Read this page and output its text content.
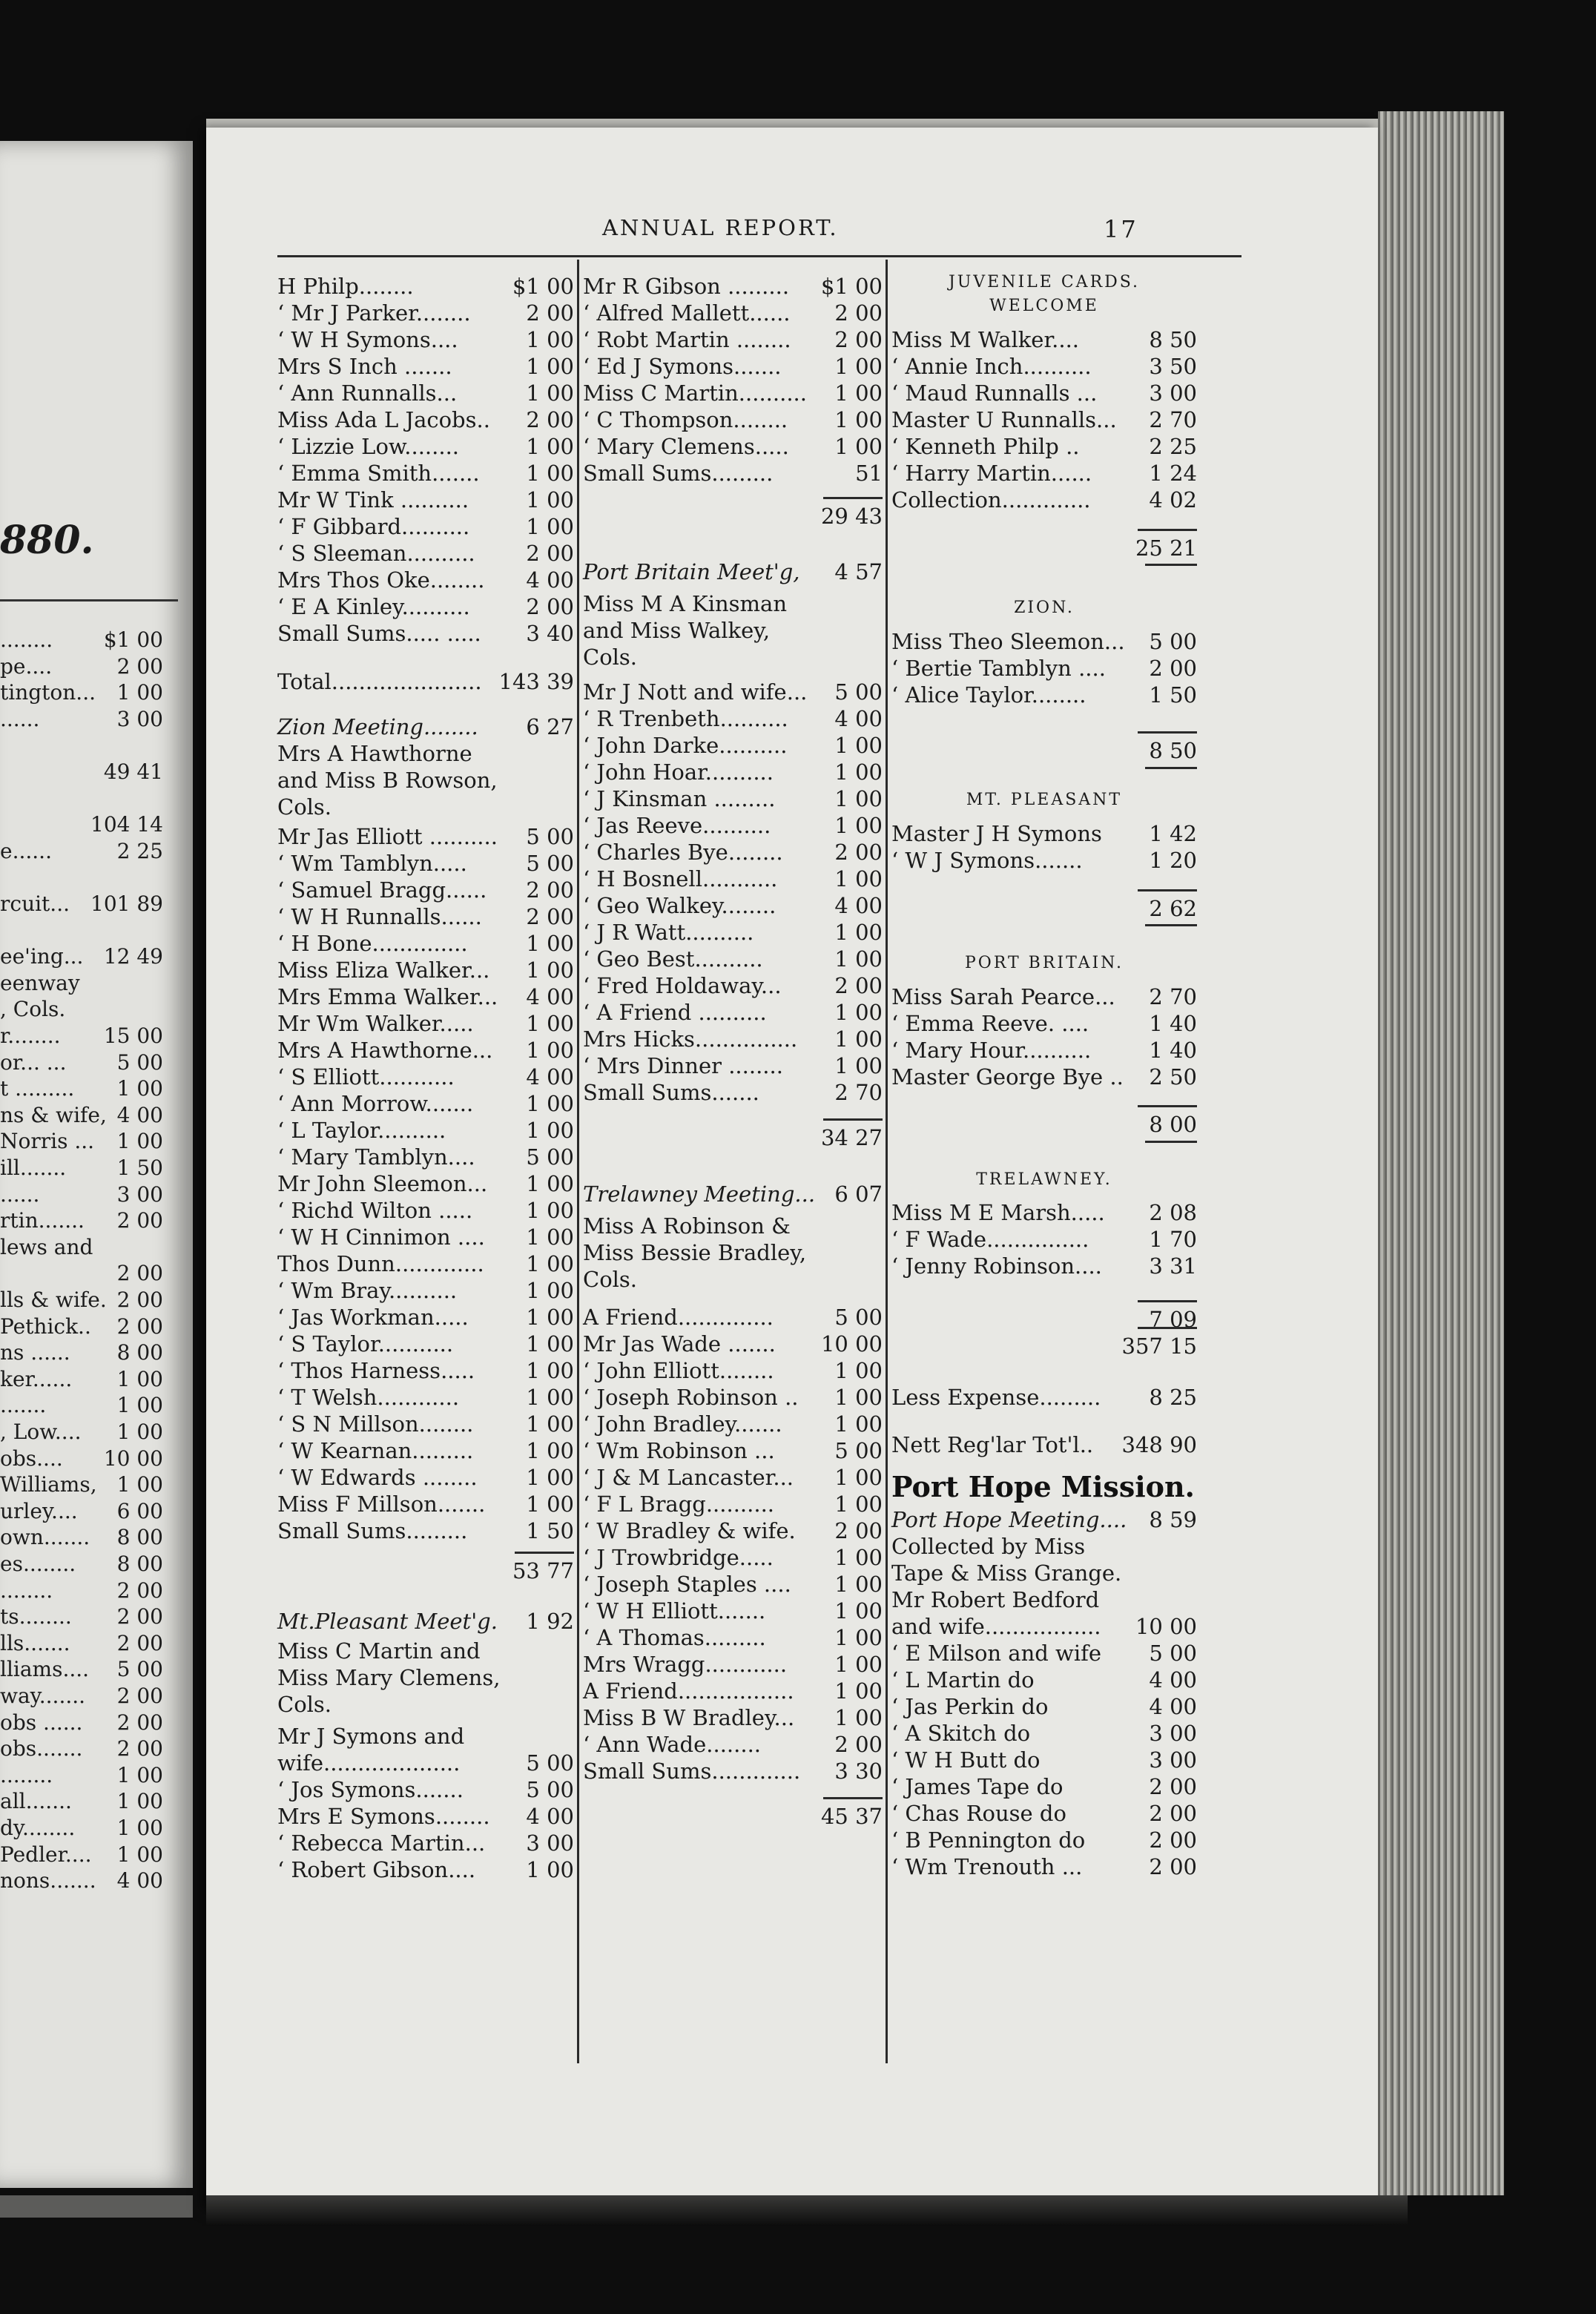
880.
........ $1 00
pe....	2 00
tington... 1 00
......	3 00
49 41
104 14
e......	2 25
rcuit... 101 89
ee'ing... 12 49
eenway
, Cols.
r........ 15 00
or... ... 5 00
t ......... 1 00
ns & wife, 4 00
Norris ... 1 00
ill....... 1 50
......	3 00
rtin....... 2 00
lews and
2 00
lls & wife. 2 00
Pethick.. 2 00
ns ...... 8 00
ker...... 1 00
.......	1 00
, Low.... 1 00
obs.... 10 00
Williams, 1 00
urley.... 6 00
own....... 8 00
es........ 8 00
........	2 00
ts........ 2 00
lls....... 2 00
lliams.... 5 00
way....... 2 00
obs ...... 2 00
obs....... 2 00
........	1 00
all....... 1 00
dy........ 1 00
Pedler.... 1 00
nons....... 4 00
ANNUAL REPORT.	17
H Philp........	$1 00
‘ Mr J Parker........	2 00
‘ W H Symons....	1 00
Mrs S Inch .......	1 00
‘ Ann Runnalls...	1 00
Miss Ada L Jacobs.. 2 00
‘ Lizzie Low........	1 00
‘ Emma Smith....... 1 00
Mr W Tink ..........	1 00
‘ F Gibbard..........	1 00
‘ S Sleeman.......... 2 00
Mrs Thos Oke........ 4 00
‘ E A Kinley..........	2 00
Small Sums..... ..... 3 40
Total...................... 143 39
Zion Meeting........ 6 27
Mrs A Hawthorne
and Miss B Rowson,
Cols.
Mr Jas Elliott .......... 5 00
‘ Wm Tamblyn.....	5 00
‘ Samuel Bragg...... 2 00
‘ W H Runnalls...... 2 00
‘ H Bone..............	1 00
Miss Eliza Walker... 1 00
Mrs Emma Walker... 4 00
Mr Wm Walker..... 1 00
Mrs A Hawthorne... 1 00
‘ S Elliott...........	4 00
‘ Ann Morrow....... 1 00
‘ L Taylor..........	1 00
‘ Mary Tamblyn.... 5 00
Mr John Sleemon... 1 00
‘ Richd Wilton ..... 1 00
‘ W H Cinnimon .... 1 00
Thos Dunn............. 1 00
‘ Wm Bray..........	1 00
‘ Jas Workman.....	1 00
‘ S Taylor...........	1 00
‘ Thos Harness..... 1 00
‘ T Welsh............	1 00
‘ S N Millson........ 1 00
‘ W Kearnan......... 1 00
‘ W Edwards ........ 1 00
Miss F Millson....... 1 00
Small Sums.........	1 50
53 77
Mt.Pleasant Meet'g. 1 92
Miss C Martin and
Miss Mary Clemens,
Cols.
Mr J Symons and
wife....................	5 00
‘ Jos Symons.......	5 00
Mrs E Symons........ 4 00
‘ Rebecca Martin... 3 00
‘ Robert Gibson.... 1 00
Mr R Gibson ......... $1 00
‘ Alfred Mallett...... 2 00
‘ Robt Martin ........ 2 00
‘ Ed J Symons....... 1 00
Miss C Martin.......... 1 00
‘ C Thompson........ 1 00
‘ Mary Clemens..... 1 00
Small Sums.........	51
29 43
Port Britain Meet'g, 4 57
Miss M A Kinsman
and Miss Walkey,
Cols.
Mr J Nott and wife... 5 00
‘ R Trenbeth.......... 4 00
‘ John Darke.......... 1 00
‘ John Hoar..........	1 00
‘ J Kinsman .........	1 00
‘ Jas Reeve..........	1 00
‘ Charles Bye........ 2 00
‘ H Bosnell...........	1 00
‘ Geo Walkey........	4 00
‘ J R Watt..........	1 00
‘ Geo Best..........	1 00
‘ Fred Holdaway... 2 00
‘ A Friend ..........	1 00
Mrs Hicks............... 1 00
‘ Mrs Dinner ........ 1 00
Small Sums.......	2 70
34 27
Trelawney Meeting... 6 07
Miss A Robinson &
Miss Bessie Bradley,
Cols.
A Friend..............	5 00
Mr Jas Wade ....... 10 00
‘ John Elliott........	1 00
‘ Joseph Robinson .. 1 00
‘ John Bradley....... 1 00
‘ Wm Robinson ...	5 00
‘ J & M Lancaster... 1 00
‘ F L Bragg..........	1 00
‘ W Bradley & wife. 2 00
‘ J Trowbridge.....	1 00
‘ Joseph Staples .... 1 00
‘ W H Elliott.......	1 00
‘ A Thomas.........	1 00
Mrs Wragg............ 1 00
A Friend................. 1 00
Miss B W Bradley... 1 00
‘ Ann Wade........	2 00
Small Sums............. 3 30
45 37
JUVENILE CARDS.
WELCOME
Miss M Walker....	8 50
‘ Annie Inch..........	3 50
‘ Maud Runnalls ... 3 00
Master U Runnalls... 2 70
‘ Kenneth Philp ..	2 25
‘ Harry Martin......	1 24
Collection.............	4 02
25 21
ZION.
Miss Theo Sleemon... 5 00
‘ Bertie Tamblyn .... 2 00
‘ Alice Taylor........	1 50
8 50
MT. PLEASANT
Master J H Symons 1 42
‘ W J Symons.......	1 20
2 62
PORT BRITAIN.
Miss Sarah Pearce... 2 70
‘ Emma Reeve. ....	1 40
‘ Mary Hour..........	1 40
Master George Bye .. 2 50
8 00
TRELAWNEY.
Miss M E Marsh..... 2 08
‘ F Wade...............	1 70
‘ Jenny Robinson.... 3 31
7 09
357 15
Less Expense......... 8 25
Nett Reg'lar Tot'l.. 348 90
Port Hope Mission.
Port Hope Meeting.... 8 59
Collected by Miss
Tape & Miss Grange.
Mr Robert Bedford
and wife................. 10 00
‘ E Milson and wife 5 00
‘ L Martin do	4 00
‘ Jas Perkin do	4 00
‘ A Skitch do	3 00
‘ W H Butt do	3 00
‘ James Tape do	2 00
‘ Chas Rouse do	2 00
‘ B Pennington do	2 00
‘ Wm Trenouth ...	2 00
